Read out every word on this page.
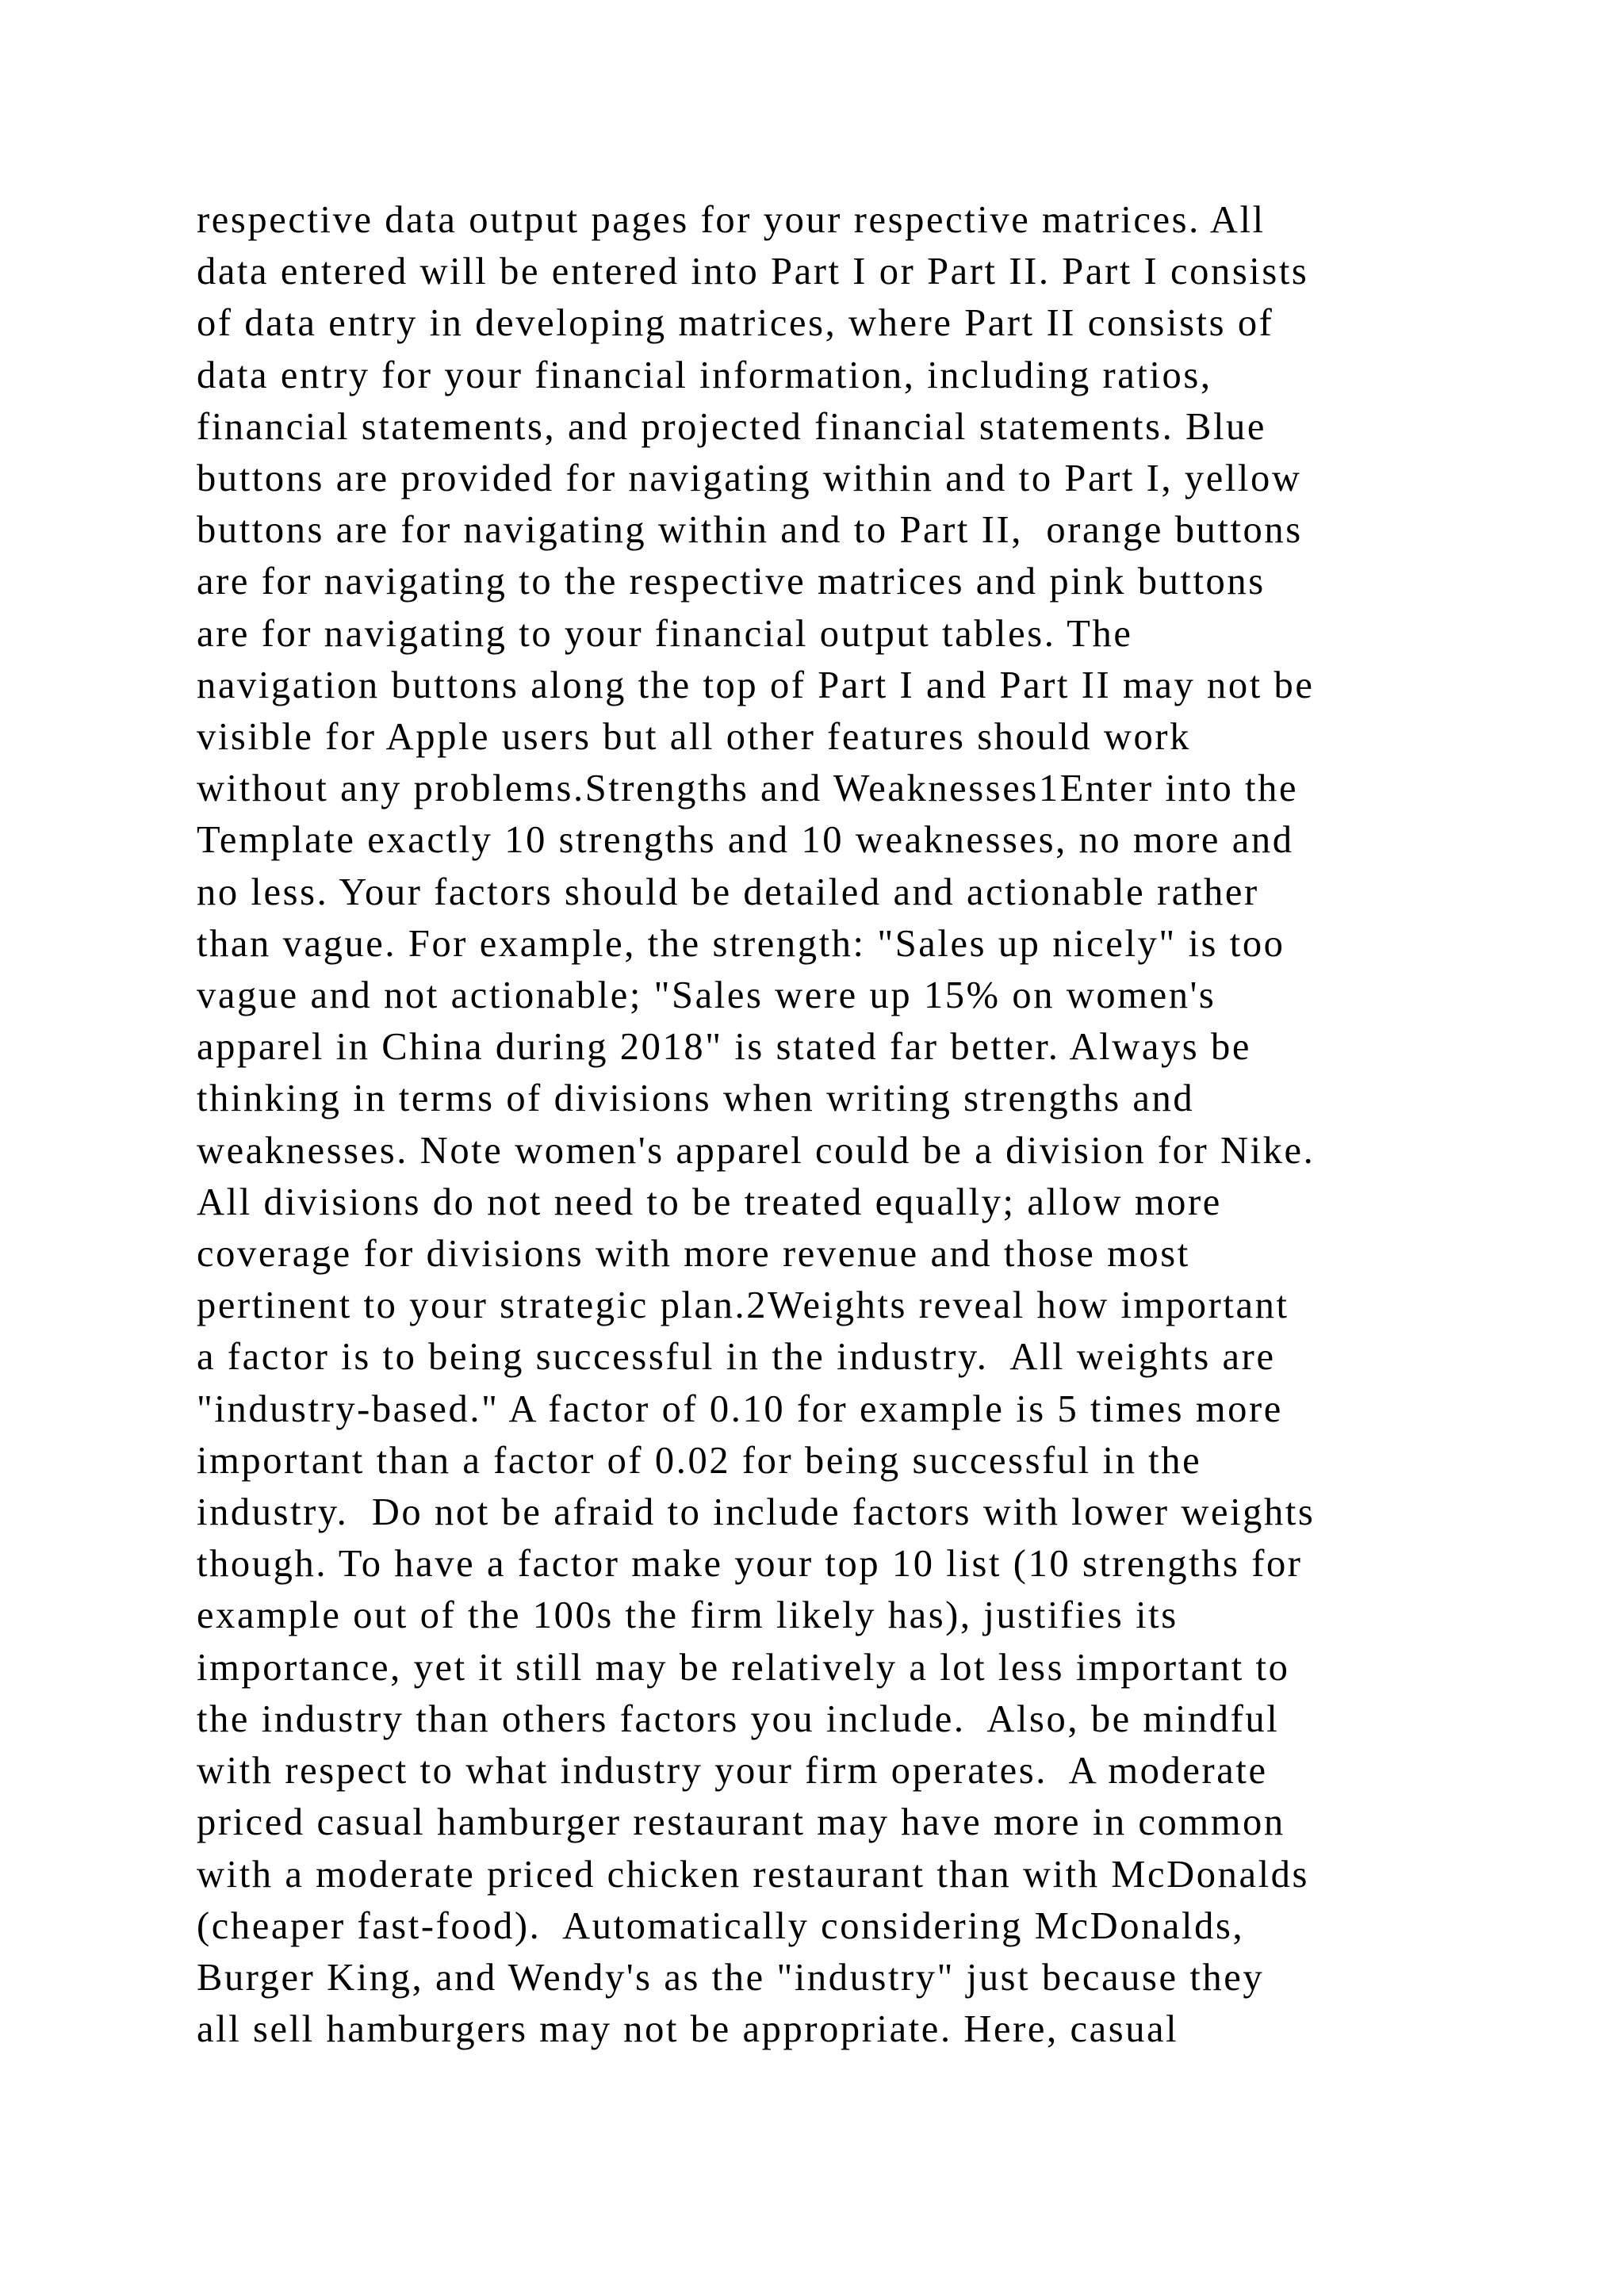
respective data output pages for your respective matrices. All
data entered will be entered into Part I or Part II. Part I consists
of data entry in developing matrices, where Part II consists of
data entry for your financial information, including ratios,
financial statements, and projected financial statements. Blue
buttons are provided for navigating within and to Part I, yellow
buttons are for navigating within and to Part II,  orange buttons
are for navigating to the respective matrices and pink buttons
are for navigating to your financial output tables. The
navigation buttons along the top of Part I and Part II may not be
visible for Apple users but all other features should work
without any problems.Strengths and Weaknesses1Enter into the
Template exactly 10 strengths and 10 weaknesses, no more and
no less. Your factors should be detailed and actionable rather
than vague. For example, the strength: "Sales up nicely" is too
vague and not actionable; "Sales were up 15% on women's
apparel in China during 2018" is stated far better. Always be
thinking in terms of divisions when writing strengths and
weaknesses. Note women's apparel could be a division for Nike.
All divisions do not need to be treated equally; allow more
coverage for divisions with more revenue and those most
pertinent to your strategic plan.2Weights reveal how important
a factor is to being successful in the industry.  All weights are
"industry-based." A factor of 0.10 for example is 5 times more
important than a factor of 0.02 for being successful in the
industry.  Do not be afraid to include factors with lower weights
though. To have a factor make your top 10 list (10 strengths for
example out of the 100s the firm likely has), justifies its
importance, yet it still may be relatively a lot less important to
the industry than others factors you include.  Also, be mindful
with respect to what industry your firm operates.  A moderate
priced casual hamburger restaurant may have more in common
with a moderate priced chicken restaurant than with McDonalds
(cheaper fast-food).  Automatically considering McDonalds,
Burger King, and Wendy's as the "industry" just because they
all sell hamburgers may not be appropriate. Here, casual
